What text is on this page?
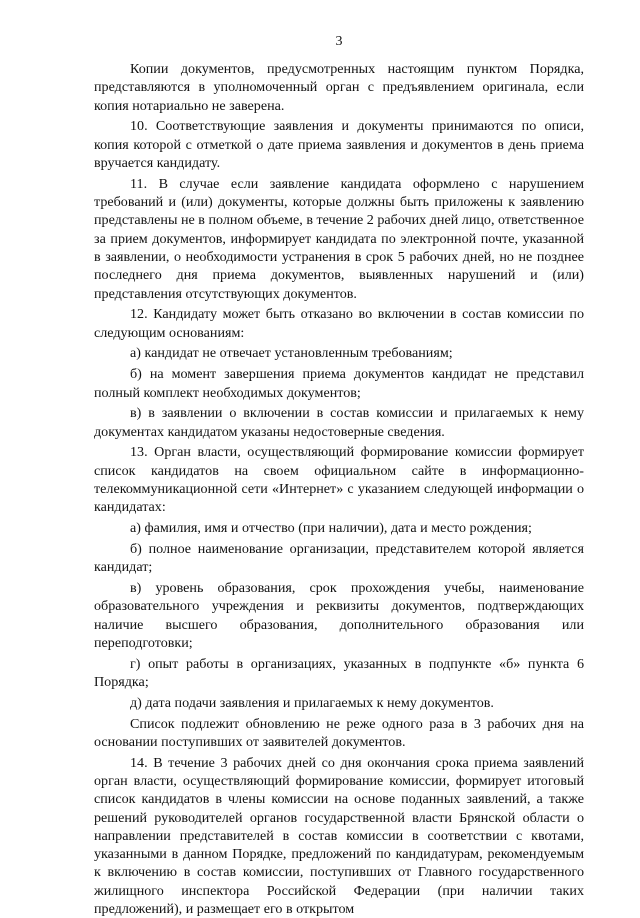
3

Копии документов, предусмотренных настоящим пунктом Порядка, представляются в уполномоченный орган с предъявлением оригинала, если копия нотариально не заверена.

10. Соответствующие заявления и документы принимаются по описи, копия которой с отметкой о дате приема заявления и документов в день приема вручается кандидату.

11. В случае если заявление кандидата оформлено с нарушением требований и (или) документы, которые должны быть приложены к заявлению представлены не в полном объеме, в течение 2 рабочих дней лицо, ответственное за прием документов, информирует кандидата по электронной почте, указанной в заявлении, о необходимости устранения в срок 5 рабочих дней, но не позднее последнего дня приема документов, выявленных нарушений и (или) представления отсутствующих документов.

12. Кандидату может быть отказано во включении в состав комиссии по следующим основаниям:

а) кандидат не отвечает установленным требованиям;

б) на момент завершения приема документов кандидат не представил полный комплект необходимых документов;

в) в заявлении о включении в состав комиссии и прилагаемых к нему документах кандидатом указаны недостоверные сведения.

13. Орган власти, осуществляющий формирование комиссии формирует список кандидатов на своем официальном сайте в информационно-телекоммуникационной сети «Интернет» с указанием следующей информации о кандидатах:

а) фамилия, имя и отчество (при наличии), дата и место рождения;

б) полное наименование организации, представителем которой является кандидат;

в) уровень образования, срок прохождения учебы, наименование образовательного учреждения и реквизиты документов, подтверждающих наличие высшего образования, дополнительного образования или переподготовки;

г) опыт работы в организациях, указанных в подпункте «б» пункта 6 Порядка;

д) дата подачи заявления и прилагаемых к нему документов.

Список подлежит обновлению не реже одного раза в 3 рабочих дня на основании поступивших от заявителей документов.

14. В течение 3 рабочих дней со дня окончания срока приема заявлений орган власти, осуществляющий формирование комиссии, формирует итоговый список кандидатов в члены комиссии на основе поданных заявлений, а также решений руководителей органов государственной власти Брянской области о направлении представителей в состав комиссии в соответствии с квотами, указанными в данном Порядке, предложений по кандидатурам, рекомендуемым к включению в состав комиссии, поступивших от Главного государственного жилищного инспектора Российской Федерации (при наличии таких предложений), и размещает его в открытом
